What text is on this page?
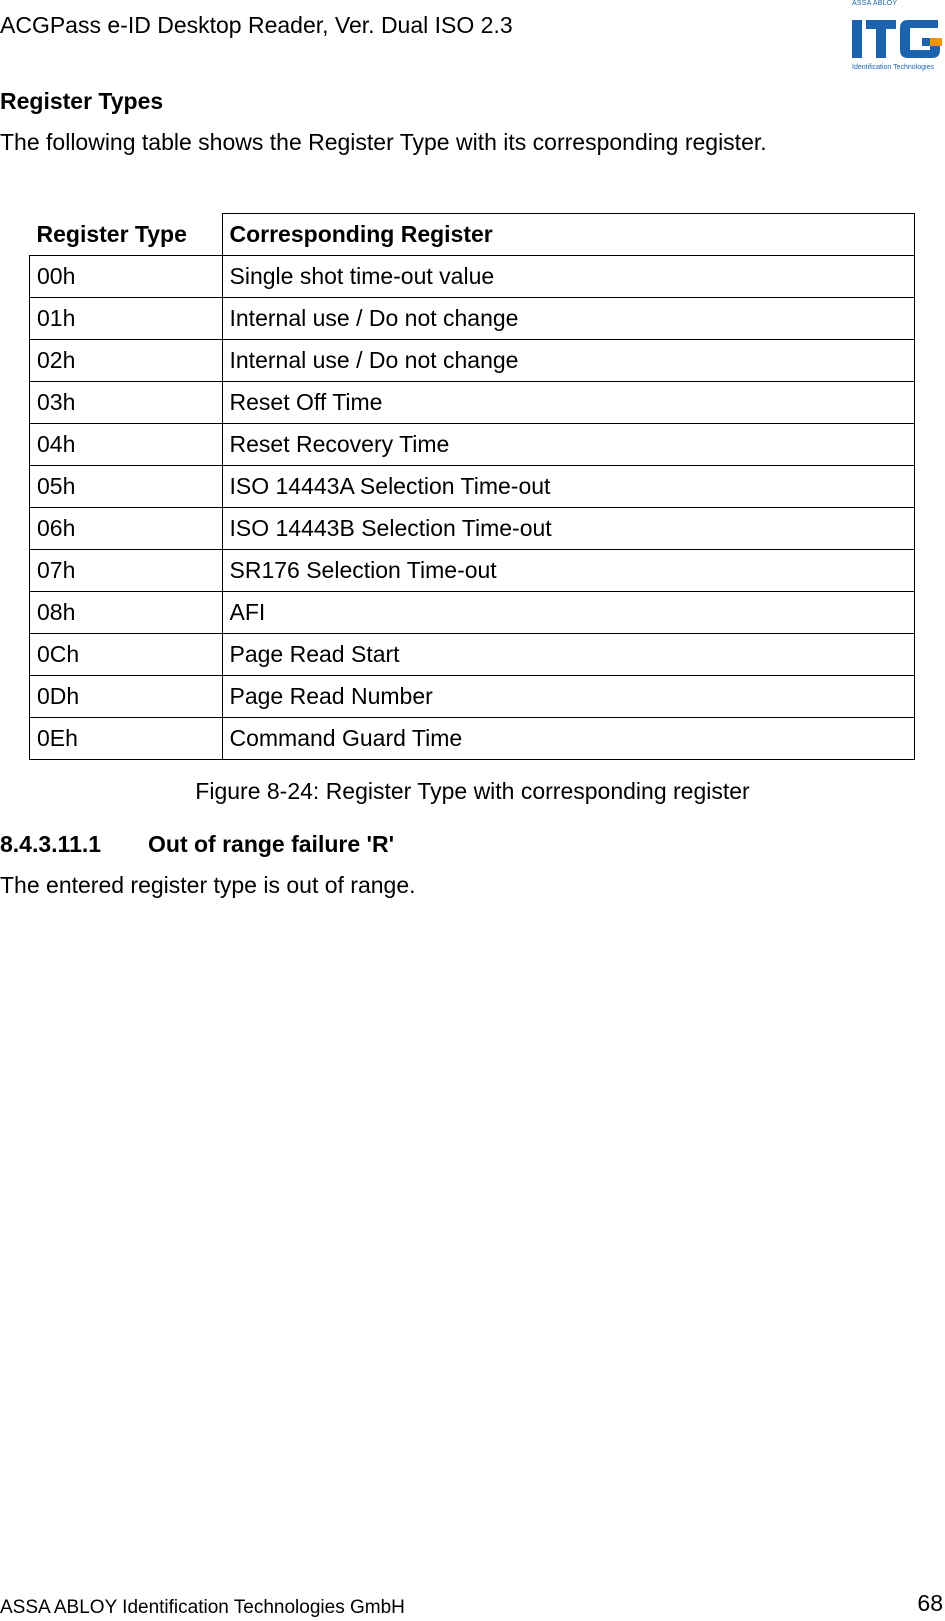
ACGPass e-ID Desktop Reader, Ver. Dual ISO 2.3
ASSA ABLOY
Identification Technologies
Register Types
The following table shows the Register Type with its corresponding register.
Register Type	Corresponding Register
00h	Single shot time-out value
01h	Internal use / Do not change
02h	Internal use / Do not change
03h	Reset Off Time
04h	Reset Recovery Time
05h	ISO 14443A Selection Time-out
06h	ISO 14443B Selection Time-out
07h	SR176 Selection Time-out
08h	AFI
0Ch	Page Read Start
0Dh	Page Read Number
0Eh	Command Guard Time
Figure 8-24: Register Type with corresponding register
8.4.3.11.1 Out of range failure 'R'
The entered register type is out of range.
ASSA ABLOY Identification Technologies GmbH	68
